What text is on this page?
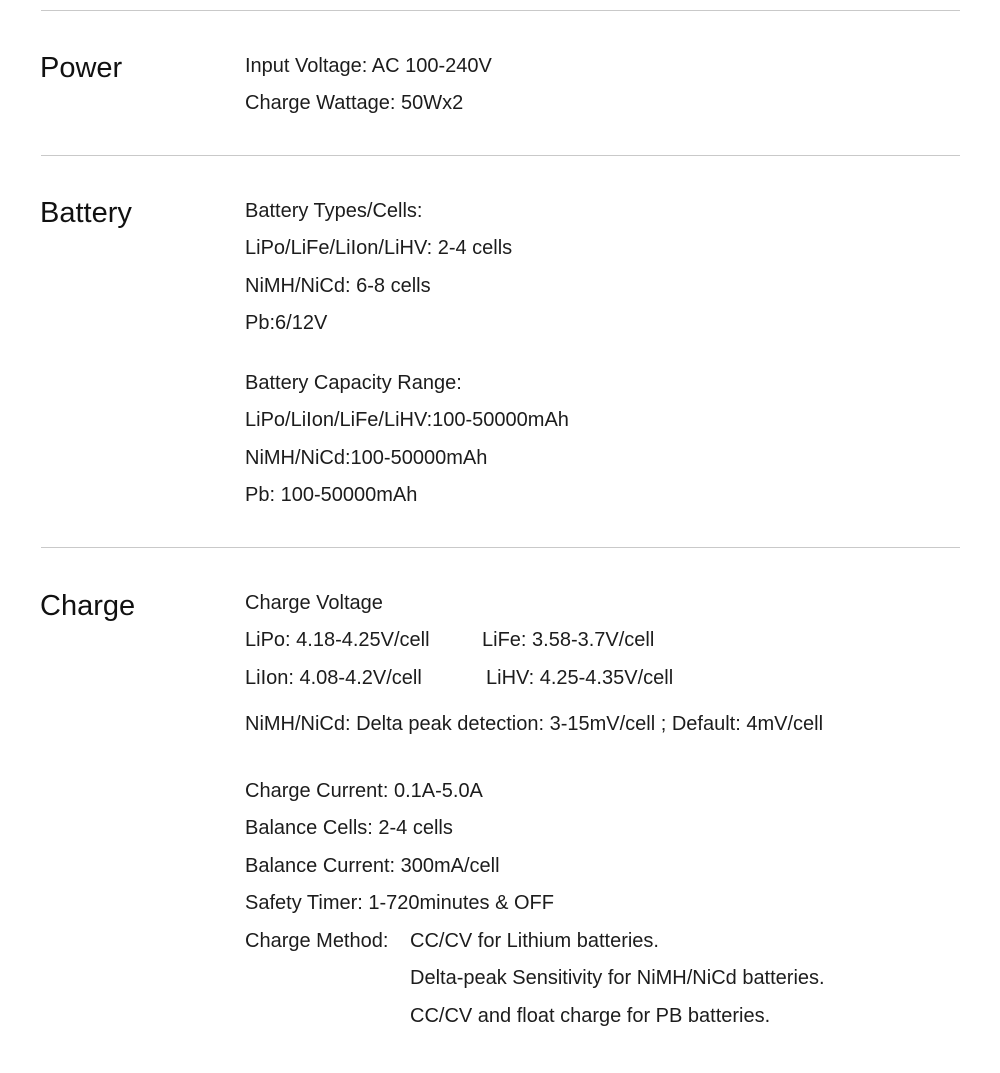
Power	Input Voltage: AC 100-240V
Charge Wattage: 50Wx2
Battery	Battery Types/Cells:
LiPo/LiFe/LiIon/LiHV: 2-4 cells
NiMH/NiCd: 6-8 cells
Pb:6/12V
Battery Capacity Range:
LiPo/LiIon/LiFe/LiHV:100-50000mAh
NiMH/NiCd:100-50000mAh
Pb: 100-50000mAh
Charge	Charge Voltage
LiPo: 4.18-4.25V/cell	LiFe: 3.58-3.7V/cell
LiIon: 4.08-4.2V/cell	LiHV: 4.25-4.35V/cell
NiMH/NiCd: Delta peak detection: 3-15mV/cell ; Default: 4mV/cell
Charge Current: 0.1A-5.0A
Balance Cells: 2-4 cells
Balance Current: 300mA/cell
Safety Timer: 1-720minutes & OFF
Charge Method: CC/CV for Lithium batteries.
Delta-peak Sensitivity for NiMH/NiCd batteries.
CC/CV and float charge for PB batteries.
